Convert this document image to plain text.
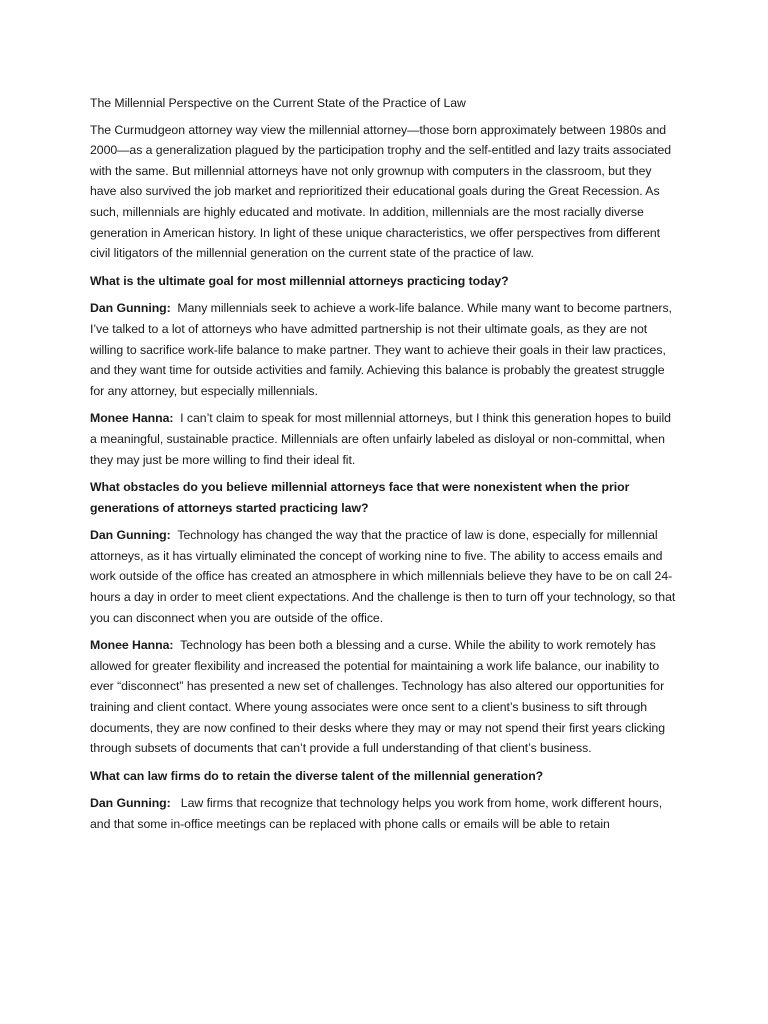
The Millennial Perspective on the Current State of the Practice of Law

The Curmudgeon attorney way view the millennial attorney—those born approximately between 1980s and 2000—as a generalization plagued by the participation trophy and the self-entitled and lazy traits associated with the same. But millennial attorneys have not only grownup with computers in the classroom, but they have also survived the job market and reprioritized their educational goals during the Great Recession. As such, millennials are highly educated and motivate. In addition, millennials are the most racially diverse generation in American history. In light of these unique characteristics, we offer perspectives from different civil litigators of the millennial generation on the current state of the practice of law.

What is the ultimate goal for most millennial attorneys practicing today?

Dan Gunning: Many millennials seek to achieve a work-life balance. While many want to become partners, I’ve talked to a lot of attorneys who have admitted partnership is not their ultimate goals, as they are not willing to sacrifice work-life balance to make partner. They want to achieve their goals in their law practices, and they want time for outside activities and family. Achieving this balance is probably the greatest struggle for any attorney, but especially millennials.

Monee Hanna: I can’t claim to speak for most millennial attorneys, but I think this generation hopes to build a meaningful, sustainable practice. Millennials are often unfairly labeled as disloyal or non-committal, when they may just be more willing to find their ideal fit.

What obstacles do you believe millennial attorneys face that were nonexistent when the prior generations of attorneys started practicing law?

Dan Gunning: Technology has changed the way that the practice of law is done, especially for millennial attorneys, as it has virtually eliminated the concept of working nine to five. The ability to access emails and work outside of the office has created an atmosphere in which millennials believe they have to be on call 24-hours a day in order to meet client expectations. And the challenge is then to turn off your technology, so that you can disconnect when you are outside of the office.

Monee Hanna: Technology has been both a blessing and a curse. While the ability to work remotely has allowed for greater flexibility and increased the potential for maintaining a work life balance, our inability to ever “disconnect” has presented a new set of challenges. Technology has also altered our opportunities for training and client contact. Where young associates were once sent to a client’s business to sift through documents, they are now confined to their desks where they may or may not spend their first years clicking through subsets of documents that can’t provide a full understanding of that client’s business.

What can law firms do to retain the diverse talent of the millennial generation?

Dan Gunning: Law firms that recognize that technology helps you work from home, work different hours, and that some in-office meetings can be replaced with phone calls or emails will be able to retain
